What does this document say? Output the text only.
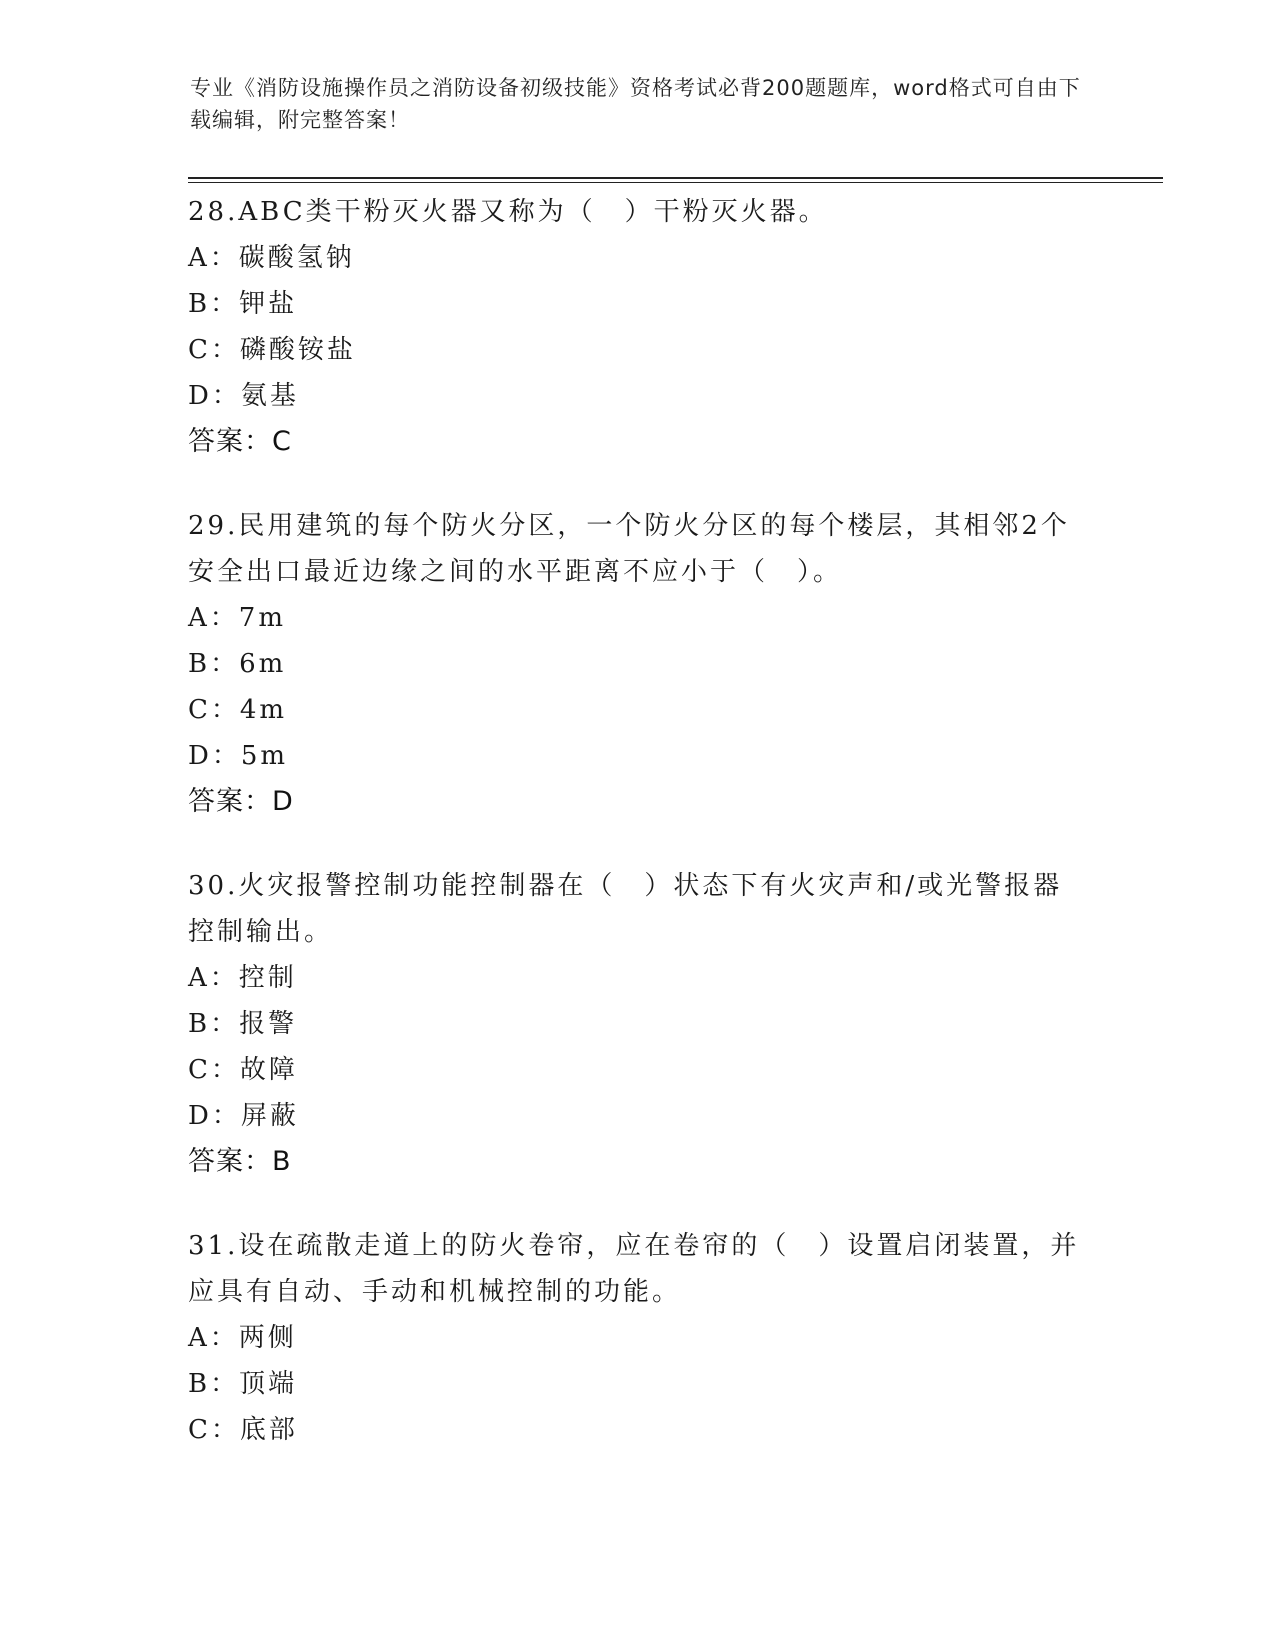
专业《消防设施操作员之消防设备初级技能》资格考试必背200题题库，word格式可自由下载编辑，附完整答案！
28.ABC类干粉灭火器又称为（　）干粉灭火器。
A：碳酸氢钠
B：钾盐
C：磷酸铵盐
D：氨基
答案：C
29.民用建筑的每个防火分区，一个防火分区的每个楼层，其相邻2个安全出口最近边缘之间的水平距离不应小于（　）。
A：7m
B：6m
C：4m
D：5m
答案：D
30.火灾报警控制功能控制器在（　）状态下有火灾声和/或光警报器控制输出。
A：控制
B：报警
C：故障
D：屏蔽
答案：B
31.设在疏散走道上的防火卷帘，应在卷帘的（　）设置启闭装置，并应具有自动、手动和机械控制的功能。
A：两侧
B：顶端
C：底部
